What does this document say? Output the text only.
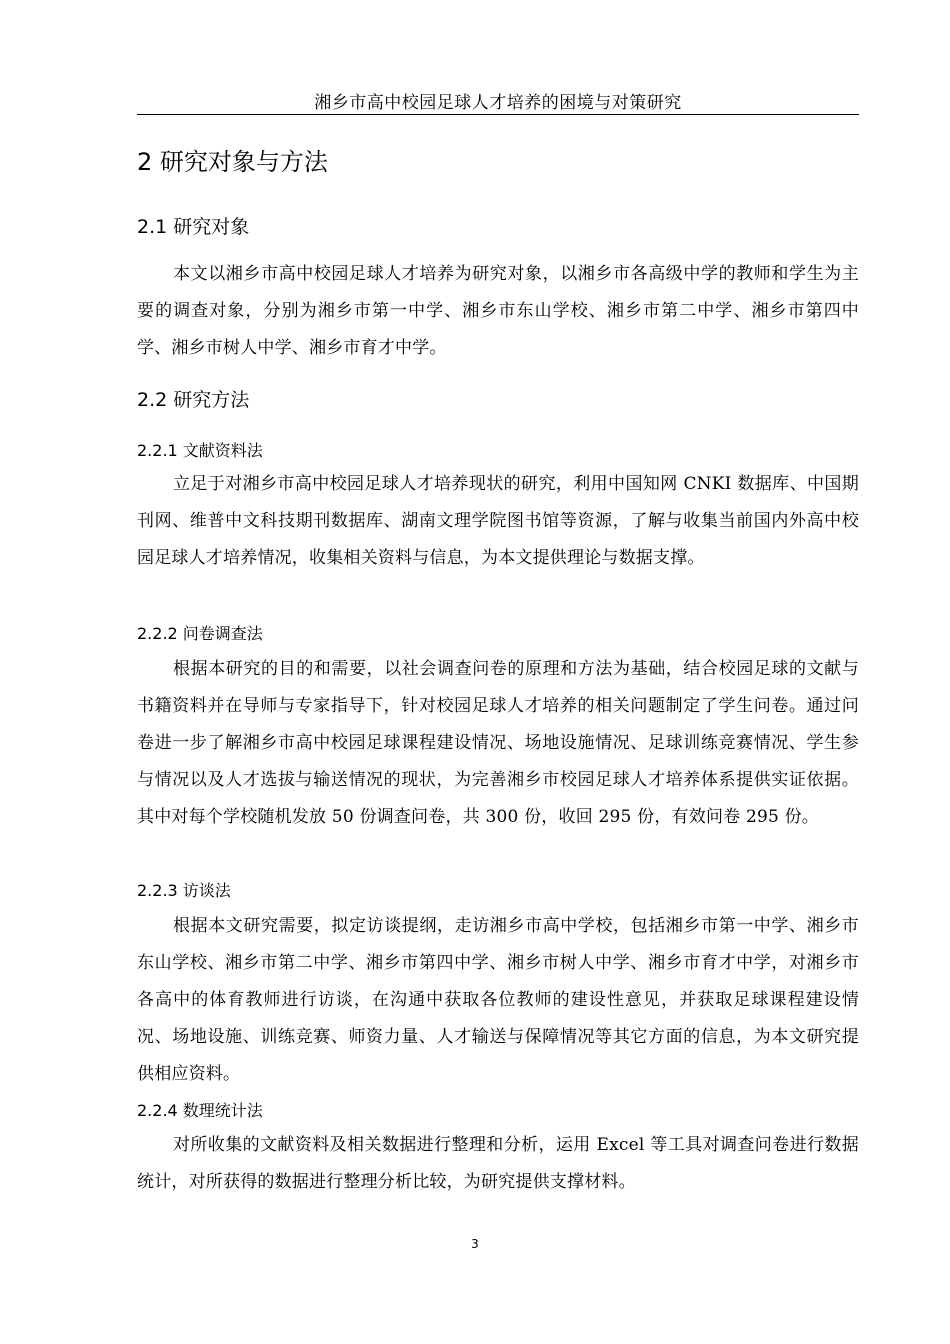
湘乡市高中校园足球人才培养的困境与对策研究
2 研究对象与方法
2.1 研究对象
本文以湘乡市高中校园足球人才培养为研究对象，以湘乡市各高级中学的教师和学生为主要的调查对象，分别为湘乡市第一中学、湘乡市东山学校、湘乡市第二中学、湘乡市第四中学、湘乡市树人中学、湘乡市育才中学。
2.2 研究方法
2.2.1 文献资料法
立足于对湘乡市高中校园足球人才培养现状的研究，利用中国知网 CNKI 数据库、中国期刊网、维普中文科技期刊数据库、湖南文理学院图书馆等资源，了解与收集当前国内外高中校园足球人才培养情况，收集相关资料与信息，为本文提供理论与数据支撑。
2.2.2 问卷调查法
根据本研究的目的和需要，以社会调查问卷的原理和方法为基础，结合校园足球的文献与书籍资料并在导师与专家指导下，针对校园足球人才培养的相关问题制定了学生问卷。通过问卷进一步了解湘乡市高中校园足球课程建设情况、场地设施情况、足球训练竞赛情况、学生参与情况以及人才选拔与输送情况的现状，为完善湘乡市校园足球人才培养体系提供实证依据。其中对每个学校随机发放 50 份调查问卷，共 300 份，收回 295 份，有效问卷 295 份。
2.2.3 访谈法
根据本文研究需要，拟定访谈提纲，走访湘乡市高中学校，包括湘乡市第一中学、湘乡市东山学校、湘乡市第二中学、湘乡市第四中学、湘乡市树人中学、湘乡市育才中学，对湘乡市各高中的体育教师进行访谈，在沟通中获取各位教师的建设性意见，并获取足球课程建设情况、场地设施、训练竞赛、师资力量、人才输送与保障情况等其它方面的信息，为本文研究提供相应资料。
2.2.4 数理统计法
对所收集的文献资料及相关数据进行整理和分析，运用 Excel 等工具对调查问卷进行数据统计，对所获得的数据进行整理分析比较，为研究提供支撑材料。
3
